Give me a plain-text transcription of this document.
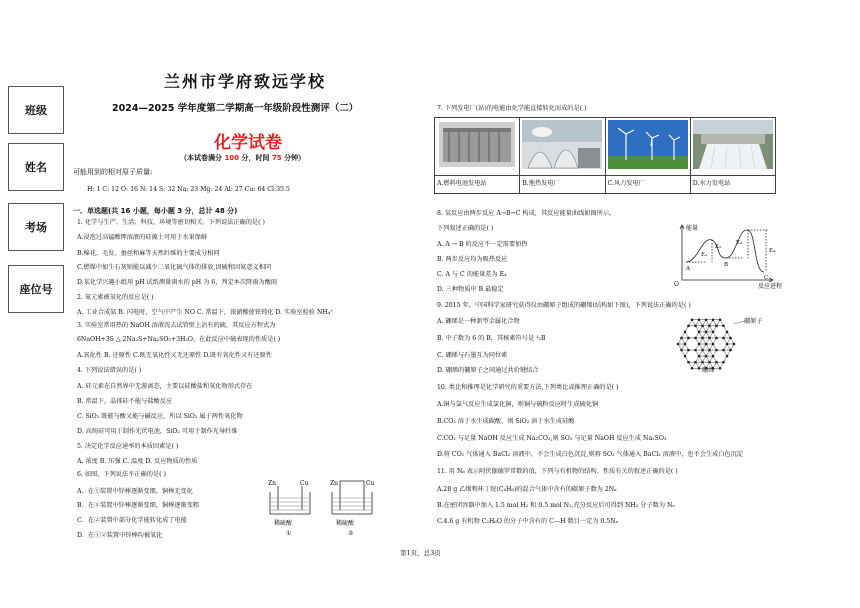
班级
姓名
考场
座位号
兰州市学府致远学校
2024—2025 学年度第二学期高一年级阶段性测评（二）
化学试卷
（本试卷满分 100 分，时间 75 分钟）
可能用到的相对原子质量:
H: 1 C: 12 O: 16 N: 14 S: 32 Na: 23 Mg: 24 Al: 27 Cu: 64 Cl:35.5
一、单选题(共 16 小题，每小题 3 分，总计 48 分)
1. 化学与生产、生活、科技、环境等密切相关。下列说法正确的是( )
A.浸泡过高锰酸钾溶液的硅藻土可用于水果保鲜
B.棉花、毛发、蚕丝和麻等天然纤维的主要成分相同
C.燃煤中加生石灰则能以减少二氧化硫气体的排放,因硫和因氮意义相同
D.某化学兴趣小组用 pH 试纸测量雨水的 pH 为 6，判定本次降雨为酸雨
2. 氮元素被氧化的反应是( )
A. 工业合成氨 B. 闪电时，空气中产生 NO C. 常温下，浓硝酸使铁钝化 D. 实验室检验 NH₄⁺
3. 实验室常用热的 NaOH 溶液洗去试管壁上沾有的硫，其反应方程式为
6NaOH+3S △ 2Na₂S+Na₂SO₃+3H₂O。在此反应中硫表现的性质是( )
A.氧化性 B. 还原性 C.既无氧化性又无还原性 D.既有氧化性又有还原性
4. 下列说法错误的是( )
A. 硅元素在自然界中无游离态，主要以硅酸盐和氧化物形式存在
B. 常温下，晶体硅不能与盐酸反应
C. SiO₂ 既能与酸又能与碱反应，所以 SiO₂ 属于两性氧化物
D. 高纯硅可用于制作光伏电池，SiO₂ 可用于制作光导纤维
5. 决定化学反应速率的本质因素是( )
A. 浓度 B. 压强 C. 温度 D. 反应物质的性质
6. 如图，下列说法不正确的是( )
A．在①装置中锌棒逐渐变细，铜棒无变化
B．在②装置中锌棒逐渐变细，铜棒逐渐变粗
C．在②装置中部分化学能转化成了电能
D．在①②装置中锌棒均被氧化
Zn	Cu	Zn	Cu
稀硫酸	稀硫酸
①	②
7. 下列发电厂(站)的电能由化学能直接转化而成的是( )

A.燃料电池发电站	B.地热发电厂	C.风力发电厂	D.水力发电站
8. 某反应由两步反应 A→B→C 构成，其反应能量曲线如图所示。
下列叙述正确的是( )
A. A → B 的反应不一定需要加热
B. 两步反应均为吸热反应
C. A 与 C 的能量差为 E₄
D. 三种物质中 B 最稳定
能量
反应进程
O
E₁
E₂
E₃
E₄
A
B
C
9. 2015 年，中国科学家研究获得仅由硼原子组成的硼烯(结构如下图)，下列说法正确的是( )
A. 硼烯是一种新型金属化合物
B. 中子数为 6 的 B，其核素符号是 ¹₅B
C. 硼烯与石墨互为同位素
D. 硼烯的硼原子之间通过共价键结合
硼原子
硼烯
10. 类比和推理是化学研究的重要方法,下列类比或推理正确的是( )
A.铜与氯气反应生成氯化铜，则铜与硫粉反应时生成硫化铜
B.CO₂ 溶于水生成碳酸，则 SiO₂ 溶于水生成硅酸
C.CO₂ 与足量 NaOH 反应生成 Na₂CO₃,则 SO₂ 与足量 NaOH 反应生成 Na₂SO₃
D.将 CO₂ 气体通入 BaCl₂ 溶液中，不会生成白色沉淀,则将 SO₂ 气体通入 BaCl₂ 溶液中，也不会生成白色沉淀
11. 用 Nₐ 表示阿伏伽德罗常数的值，下列与有机物的结构、性质有关的叙述正确的是( )
A.28 g 乙烯和环丁烷(C₄H₈)的混合气体中含有的碳原子数为 2Nₐ
B.在密闭容器中加入 1.5 mol H₂ 和 0.5 mol N₂,充分反应后可得到 NH₃ 分子数为 Nₐ
C.4.6 g 有机物 C₂H₆O 的分子中含有的 C—H 数目一定为 0.5Nₐ
第1页，总3页
